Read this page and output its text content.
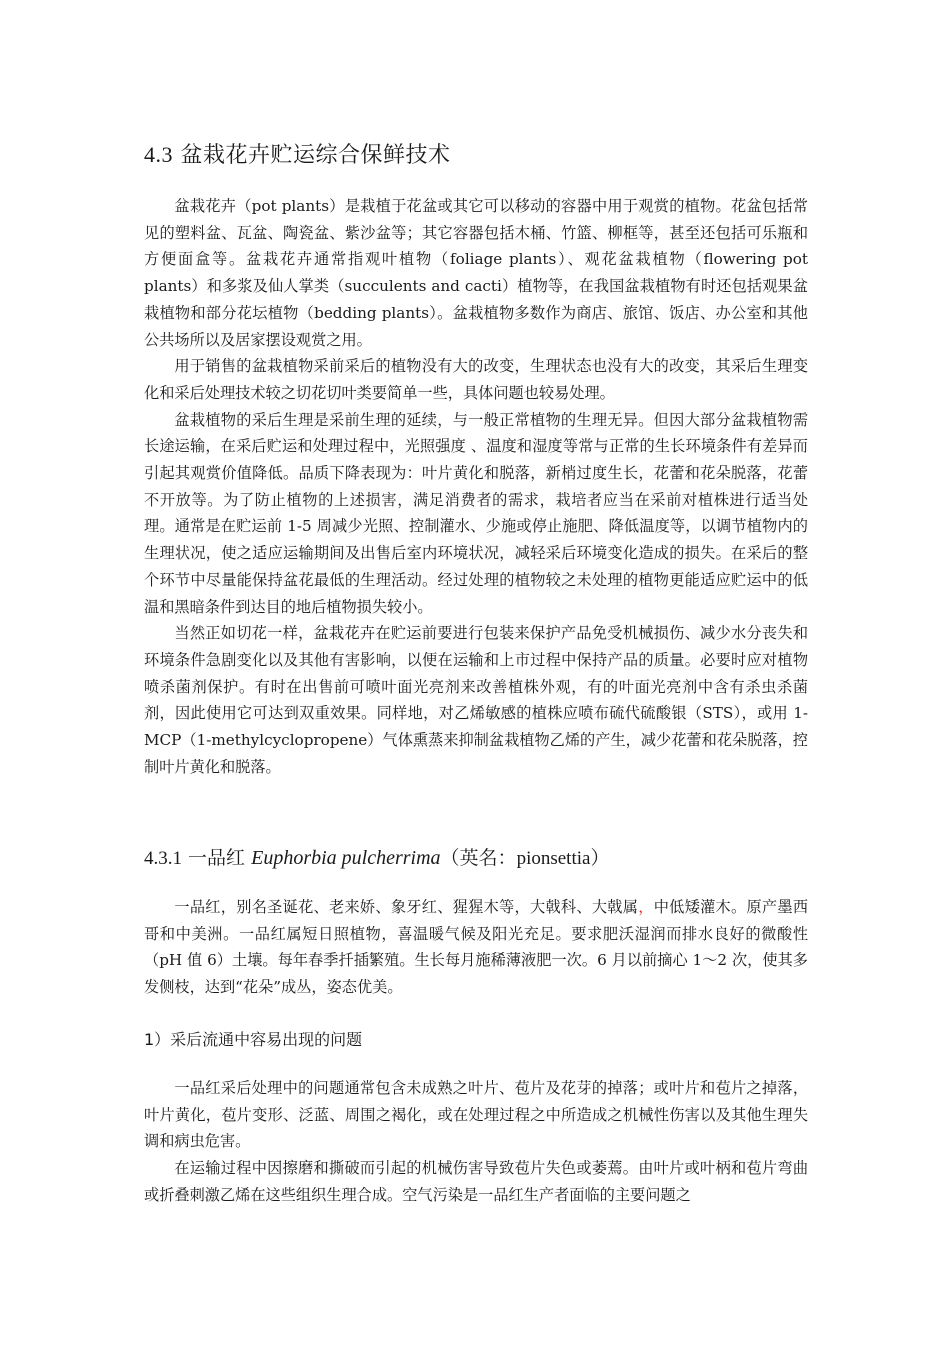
4.3 盆栽花卉贮运综合保鲜技术

盆栽花卉（pot plants）是栽植于花盆或其它可以移动的容器中用于观赏的植物。花盆包括常见的塑料盆、瓦盆、陶瓷盆、紫沙盆等；其它容器包括木桶、竹篮、柳框等，甚至还包括可乐瓶和方便面盒等。盆栽花卉通常指观叶植物（foliage plants）、观花盆栽植物（flowering pot plants）和多浆及仙人掌类（succulents and cacti）植物等，在我国盆栽植物有时还包括观果盆栽植物和部分花坛植物（bedding plants）。盆栽植物多数作为商店、旅馆、饭店、办公室和其他公共场所以及居家摆设观赏之用。

用于销售的盆栽植物采前采后的植物没有大的改变，生理状态也没有大的改变，其采后生理变化和采后处理技术较之切花切叶类要简单一些，具体问题也较易处理。

盆栽植物的采后生理是采前生理的延续，与一般正常植物的生理无异。但因大部分盆栽植物需长途运输，在采后贮运和处理过程中，光照强度 、温度和湿度等常与正常的生长环境条件有差异而引起其观赏价值降低。品质下降表现为：叶片黄化和脱落，新梢过度生长，花蕾和花朵脱落，花蕾不开放等。为了防止植物的上述损害，满足消费者的需求，栽培者应当在采前对植株进行适当处理。通常是在贮运前 1-5 周减少光照、控制灌水、少施或停止施肥、降低温度等，以调节植物内的生理状况，使之适应运输期间及出售后室内环境状况，减轻采后环境变化造成的损失。在采后的整个环节中尽量能保持盆花最低的生理活动。经过处理的植物较之未处理的植物更能适应贮运中的低温和黑暗条件到达目的地后植物损失较小。

当然正如切花一样，盆栽花卉在贮运前要进行包装来保护产品免受机械损伤、减少水分丧失和环境条件急剧变化以及其他有害影响，以便在运输和上市过程中保持产品的质量。必要时应对植物喷杀菌剂保护。有时在出售前可喷叶面光亮剂来改善植株外观，有的叶面光亮剂中含有杀虫杀菌剂，因此使用它可达到双重效果。同样地，对乙烯敏感的植株应喷布硫代硫酸银（STS），或用 1-MCP（1-methylcyclopropene）气体熏蒸来抑制盆栽植物乙烯的产生，减少花蕾和花朵脱落，控制叶片黄化和脱落。

4.3.1 一品红 Euphorbia pulcherrima（英名：pionsettia）

一品红，别名圣诞花、老来娇、象牙红、猩猩木等，大戟科、大戟属，中低矮灌木。原产墨西哥和中美洲。一品红属短日照植物，喜温暖气候及阳光充足。要求肥沃湿润而排水良好的微酸性（pH 值 6）土壤。每年春季扦插繁殖。生长每月施稀薄液肥一次。6 月以前摘心 1～2 次，使其多发侧枝，达到“花朵”成丛，姿态优美。

1）采后流通中容易出现的问题

一品红采后处理中的问题通常包含未成熟之叶片、苞片及花芽的掉落；或叶片和苞片之掉落，叶片黄化，苞片变形、泛蓝、周围之褐化，或在处理过程之中所造成之机械性伤害以及其他生理失调和病虫危害。

在运输过程中因擦磨和撕破而引起的机械伤害导致苞片失色或萎蔫。由叶片或叶柄和苞片弯曲或折叠刺激乙烯在这些组织生理合成。空气污染是一品红生产者面临的主要问题之
